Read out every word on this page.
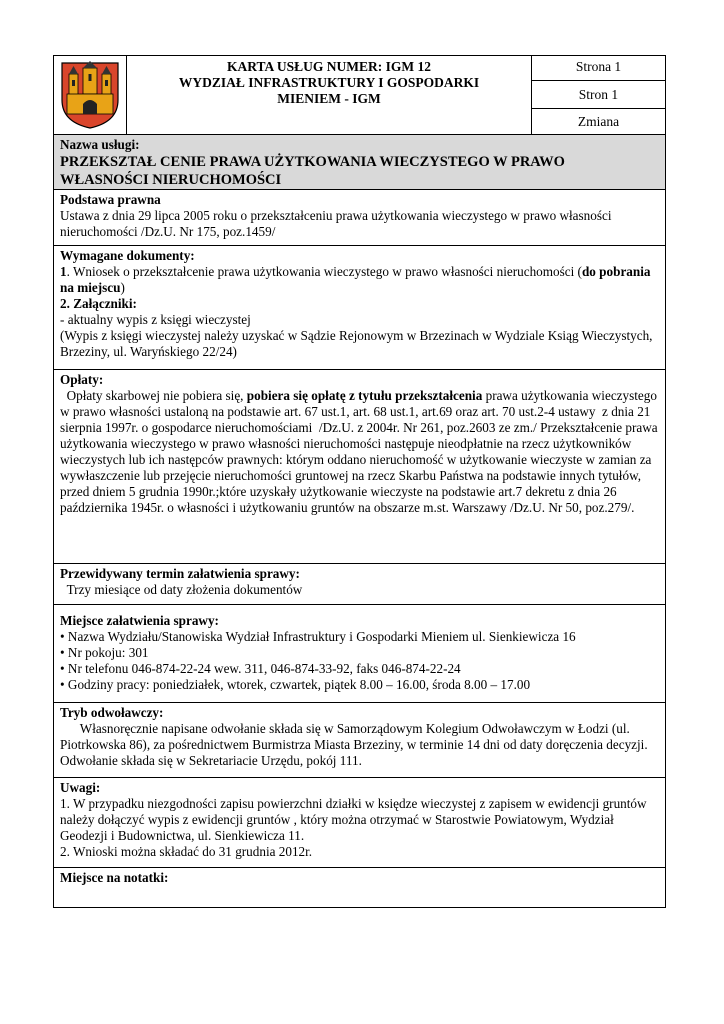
KARTA USŁUG NUMER: IGM 12
WYDZIAŁ INFRASTRUKTURY I GOSPODARKI
MIENIEM - IGM
Strona 1
Stron 1
Zmiana
Nazwa usługi:
PRZEKSZTAŁ CENIE PRAWA UŻYTKOWANIA WIECZYSTEGO W PRAWO
WŁASNOŚCI NIERUCHOMOŚCI
Podstawa prawna
Ustawa z dnia 29 lipca 2005 roku o przekształceniu prawa użytkowania wieczystego w prawo własności nieruchomości /Dz.U. Nr 175, poz.1459/
Wymagane dokumenty:
1. Wniosek o przekształcenie prawa użytkowania wieczystego w prawo własności nieruchomości (do pobrania na miejscu)
2. Załączniki:
- aktualny wypis z księgi wieczystej
(Wypis z księgi wieczystej należy uzyskać w Sądzie Rejonowym w Brzezinach w Wydziale Ksiąg Wieczystych, Brzeziny, ul. Waryńskiego 22/24)
Opłaty:
Opłaty skarbowej nie pobiera się, pobiera się opłatę z tytułu przekształcenia prawa użytkowania wieczystego w prawo własności ustaloną na podstawie art. 67 ust.1, art. 68 ust.1, art.69 oraz art. 70 ust.2-4 ustawy  z dnia 21 sierpnia 1997r. o gospodarce nieruchomościami  /Dz.U. z 2004r. Nr 261, poz.2603 ze zm./ Przekształcenie prawa użytkowania wieczystego w prawo własności nieruchomości następuje nieodpłatnie na rzecz użytkowników wieczystych lub ich następców prawnych: którym oddano nieruchomość w użytkowanie wieczyste w zamian za wywłaszczenie lub przejęcie nieruchomości gruntowej na rzecz Skarbu Państwa na podstawie innych tytułów, przed dniem 5 grudnia 1990r.;które uzyskały użytkowanie wieczyste na podstawie art.7 dekretu z dnia 26 października 1945r. o własności i użytkowaniu gruntów na obszarze m.st. Warszawy /Dz.U. Nr 50, poz.279/.
Przewidywany termin załatwienia sprawy:
Trzy miesiące od daty złożenia dokumentów
Miejsce załatwienia sprawy:
• Nazwa Wydziału/Stanowiska Wydział Infrastruktury i Gospodarki Mieniem ul. Sienkiewicza 16
• Nr pokoju: 301
• Nr telefonu 046-874-22-24 wew. 311, 046-874-33-92, faks 046-874-22-24
• Godziny pracy: poniedziałek, wtorek, czwartek, piątek 8.00 – 16.00, środa 8.00 – 17.00
Tryb odwoławczy:
Własnoręcznie napisane odwołanie składa się w Samorządowym Kolegium Odwoławczym w Łodzi (ul. Piotrkowska 86), za pośrednictwem Burmistrza Miasta Brzeziny, w terminie 14 dni od daty doręczenia decyzji. Odwołanie składa się w Sekretariacie Urzędu, pokój 111.
Uwagi:
1. W przypadku niezgodności zapisu powierzchni działki w księdze wieczystej z zapisem w ewidencji gruntów należy dołączyć wypis z ewidencji gruntów , który można otrzymać w Starostwie Powiatowym, Wydział Geodezji i Budownictwa, ul. Sienkiewicza 11.
2. Wnioski można składać do 31 grudnia 2012r.
Miejsce na notatki:
